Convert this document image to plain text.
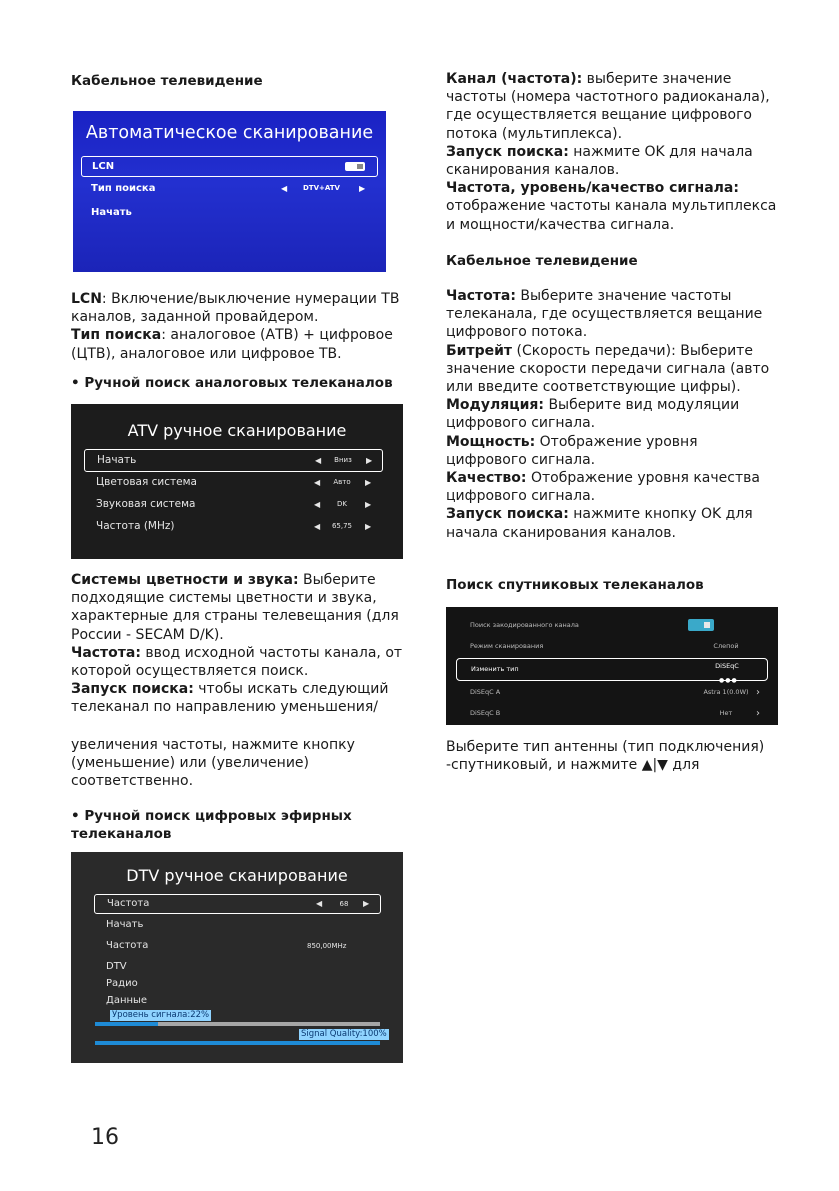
Кабельное телевидение
Автоматическое сканирование
LCN
Тип поиска	◀ DTV+ATV ▶
Начать
LCN: Включение/выключение нумерации ТВ каналов, заданной провайдером.
Тип поиска: аналоговое (АТВ) + цифровое (ЦТВ), аналоговое или цифровое ТВ.
• Ручной поиск аналоговых телеканалов
ATV ручное сканирование
Начать	◀	Вниз	▶
Цветовая система	◀	Авто	▶
Звуковая система	◀	DK	▶
Частота (MHz)	◀	65,75	▶
Системы цветности и звука: Выберите подходящие системы цветности и звука, характерные для страны телевещания (для России - SECAM D/K).
Частота: ввод исходной частоты канала, от которой осуществляется поиск.
Запуск поиска: чтобы искать следующий телеканал по направлению уменьшения/
увеличения частоты, нажмите кнопку (уменьшение) или (увеличение) соответственно.
• Ручной поиск цифровых эфирных телеканалов
DTV ручное сканирование
Частота	◀	68	▶
Начать
Частота	850,00MHz
DTV
Радио
Данные
Уровень сигнала:22%
Signal Quality:100%
Канал (частота): выберите значение частоты (номера частотного радиоканала), где осуществляется вещание цифрового потока (мультиплекса).
Запуск поиска: нажмите OK для начала сканирования каналов.
Частота, уровень/качество сигнала: отображение частоты канала мультиплекса и мощности/качества сигнала.
Кабельное телевидение
Частота: Выберите значение частоты телеканала, где осуществляется вещание цифрового потока.
Битрейт (Скорость передачи): Выберите значение скорости передачи сигнала (авто или введите соответствующие цифры).
Модуляция: Выберите вид модуляции цифрового сигнала.
Мощность: Отображение уровня цифрового сигнала.
Качество: Отображение уровня качества цифрового сигнала.
Запуск поиска: нажмите кнопку OK для начала сканирования каналов.
Поиск спутниковых телеканалов
Поиск закодированного канала
Режим сканирования	Слепой
Изменить тип	DiSEqC
●●●
DiSEqC A	Astra 1(0.0W) ›
DiSEqC B	Нет	›
Выберите тип антенны (тип подключения) -спутниковый, и нажмите ▲|▼ для
16
